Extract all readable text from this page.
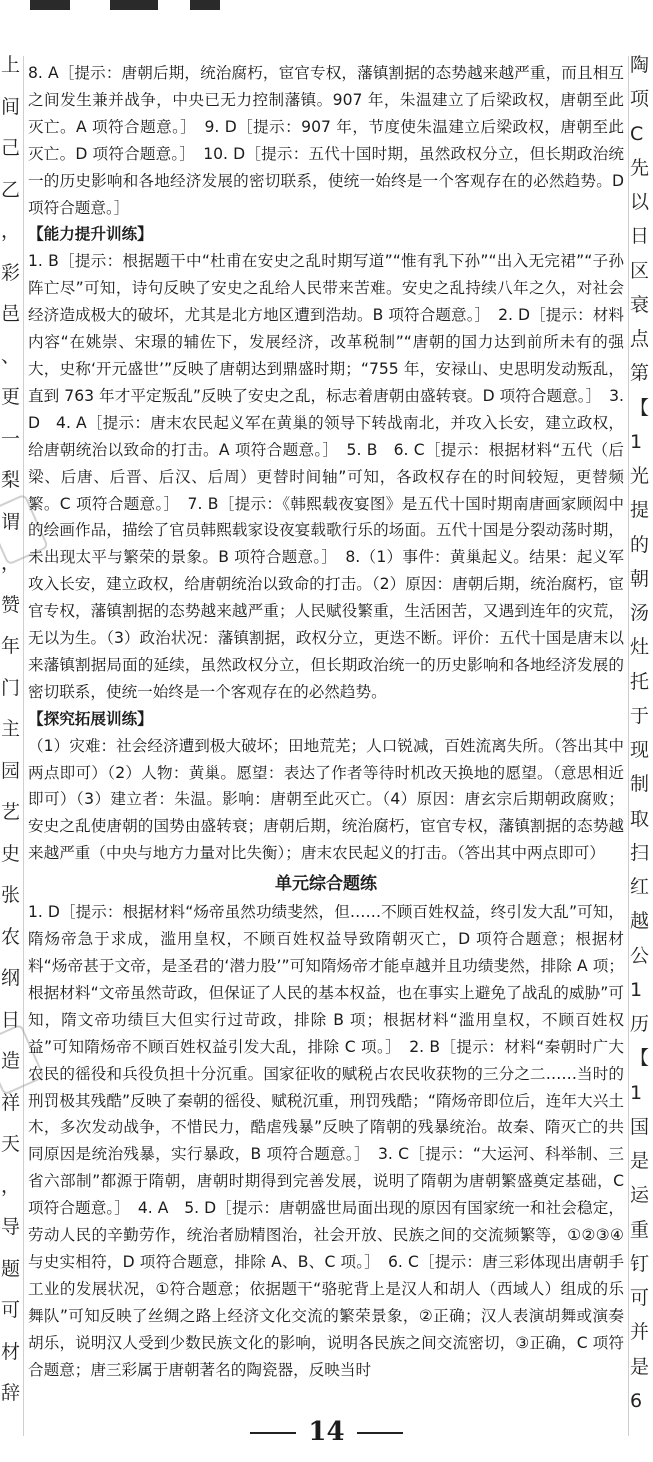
上
间
己
乙
，
彩
邑
、
更
一
梨
谓
，
赞
年
门
主
园
艺
史
张
农
纲
日
造
祥
天
，
导
题
可
材
辞
陶
项
C
先
以
日
区
衰
点
第
【
1
光
提
的
朝
汤
灶
托
于
现
制
取
扫
红
越
公
1
历
【
1
国
是
运
重
钉
可
并
是
6

8. A［提示：唐朝后期，统治腐朽，宦官专权，藩镇割据的态势越来越严重，而且相互之间发生兼并战争，中央已无力控制藩镇。907 年，朱温建立了后梁政权，唐朝至此灭亡。A 项符合题意。］　9. D［提示：907 年，节度使朱温建立后梁政权，唐朝至此灭亡。D 项符合题意。］　10. D［提示：五代十国时期，虽然政权分立，但长期政治统一的历史影响和各地经济发展的密切联系，使统一始终是一个客观存在的必然趋势。D 项符合题意。］

【能力提升训练】

1. B［提示：根据题干中“杜甫在安史之乱时期写道”“惟有乳下孙”“出入无完裙”“子孙阵亡尽”可知，诗句反映了安史之乱给人民带来苦难。安史之乱持续八年之久，对社会经济造成极大的破坏，尤其是北方地区遭到浩劫。B 项符合题意。］　2. D［提示：材料内容“在姚崇、宋璟的辅佐下，发展经济，改革税制”“唐朝的国力达到前所未有的强大，史称‘开元盛世’”反映了唐朝达到鼎盛时期；“755 年，安禄山、史思明发动叛乱，直到 763 年才平定叛乱”反映了安史之乱，标志着唐朝由盛转衰。D 项符合题意。］　3. D　4. A［提示：唐末农民起义军在黄巢的领导下转战南北，并攻入长安，建立政权，给唐朝统治以致命的打击。A 项符合题意。］　5. B　6. C［提示：根据材料“五代（后梁、后唐、后晋、后汉、后周）更替时间轴”可知，各政权存在的时间较短，更替频繁。C 项符合题意。］　7. B［提示：《韩熙载夜宴图》是五代十国时期南唐画家顾闳中的绘画作品，描绘了官员韩熙载家设夜宴载歌行乐的场面。五代十国是分裂动荡时期，未出现太平与繁荣的景象。B 项符合题意。］　8.（1）事件：黄巢起义。结果：起义军攻入长安，建立政权，给唐朝统治以致命的打击。（2）原因：唐朝后期，统治腐朽，宦官专权，藩镇割据的态势越来越严重；人民赋役繁重，生活困苦，又遇到连年的灾荒，无以为生。（3）政治状况：藩镇割据，政权分立，更迭不断。评价：五代十国是唐末以来藩镇割据局面的延续，虽然政权分立，但长期政治统一的历史影响和各地经济发展的密切联系，使统一始终是一个客观存在的必然趋势。

【探究拓展训练】

（1）灾难：社会经济遭到极大破坏；田地荒芜；人口锐减，百姓流离失所。（答出其中两点即可）（2）人物：黄巢。愿望：表达了作者等待时机改天换地的愿望。（意思相近即可）（3）建立者：朱温。影响：唐朝至此灭亡。（4）原因：唐玄宗后期朝政腐败；安史之乱使唐朝的国势由盛转衰；唐朝后期，统治腐朽，宦官专权，藩镇割据的态势越来越严重（中央与地方力量对比失衡）；唐末农民起义的打击。（答出其中两点即可）

单元综合题练

1. D［提示：根据材料“炀帝虽然功绩斐然，但……不顾百姓权益，终引发大乱”可知，隋炀帝急于求成，滥用皇权，不顾百姓权益导致隋朝灭亡，D 项符合题意；根据材料“炀帝甚于文帝，是圣君的‘潜力股’”可知隋炀帝才能卓越并且功绩斐然，排除 A 项；根据材料“文帝虽然苛政，但保证了人民的基本权益，也在事实上避免了战乱的威胁”可知，隋文帝功绩巨大但实行过苛政，排除 B 项；根据材料“滥用皇权，不顾百姓权益”可知隋炀帝不顾百姓权益引发大乱，排除 C 项。］　2. B［提示：材料“秦朝时广大农民的徭役和兵役负担十分沉重。国家征收的赋税占农民收获物的三分之二……当时的刑罚极其残酷”反映了秦朝的徭役、赋税沉重，刑罚残酷；“隋炀帝即位后，连年大兴土木，多次发动战争，不惜民力，酷虐残暴”反映了隋朝的残暴统治。故秦、隋灭亡的共同原因是统治残暴，实行暴政，B 项符合题意。］　3. C［提示：“大运河、科举制、三省六部制”都源于隋朝，唐朝时期得到完善发展，说明了隋朝为唐朝繁盛奠定基础，C 项符合题意。］　4. A　5. D［提示：唐朝盛世局面出现的原因有国家统一和社会稳定，劳动人民的辛勤劳作，统治者励精图治，社会开放、民族之间的交流频繁等，①②③④与史实相符，D 项符合题意，排除 A、B、C 项。］　6. C［提示：唐三彩体现出唐朝手工业的发展状况，①符合题意；依据题干“骆驼背上是汉人和胡人（西域人）组成的乐舞队”可知反映了丝绸之路上经济文化交流的繁荣景象，②正确；汉人表演胡舞或演奏胡乐，说明汉人受到少数民族文化的影响，说明各民族之间交流密切，③正确，C 项符合题意；唐三彩属于唐朝著名的陶瓷器，反映当时

14
